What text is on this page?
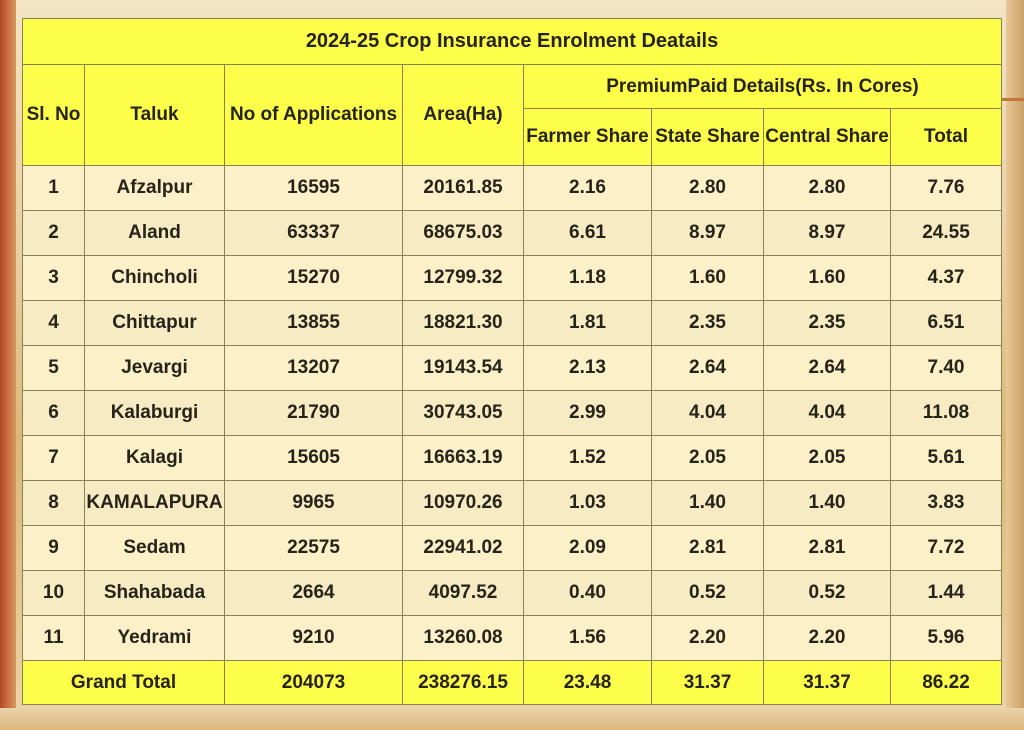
2024-25 Crop Insurance Enrolment Deatails							
Sl. No	Taluk	No of Applications	Area(Ha)	PremiumPaid Details(Rs. In Cores)			
				Farmer Share	State Share	Central Share	Total
1	Afzalpur	16595	20161.85	2.16	2.80	2.80	7.76
2	Aland	63337	68675.03	6.61	8.97	8.97	24.55
3	Chincholi	15270	12799.32	1.18	1.60	1.60	4.37
4	Chittapur	13855	18821.30	1.81	2.35	2.35	6.51
5	Jevargi	13207	19143.54	2.13	2.64	2.64	7.40
6	Kalaburgi	21790	30743.05	2.99	4.04	4.04	11.08
7	Kalagi	15605	16663.19	1.52	2.05	2.05	5.61
8	KAMALAPURA	9965	10970.26	1.03	1.40	1.40	3.83
9	Sedam	22575	22941.02	2.09	2.81	2.81	7.72
10	Shahabada	2664	4097.52	0.40	0.52	0.52	1.44
11	Yedrami	9210	13260.08	1.56	2.20	2.20	5.96
Grand Total		204073	238276.15	23.48	31.37	31.37	86.22
